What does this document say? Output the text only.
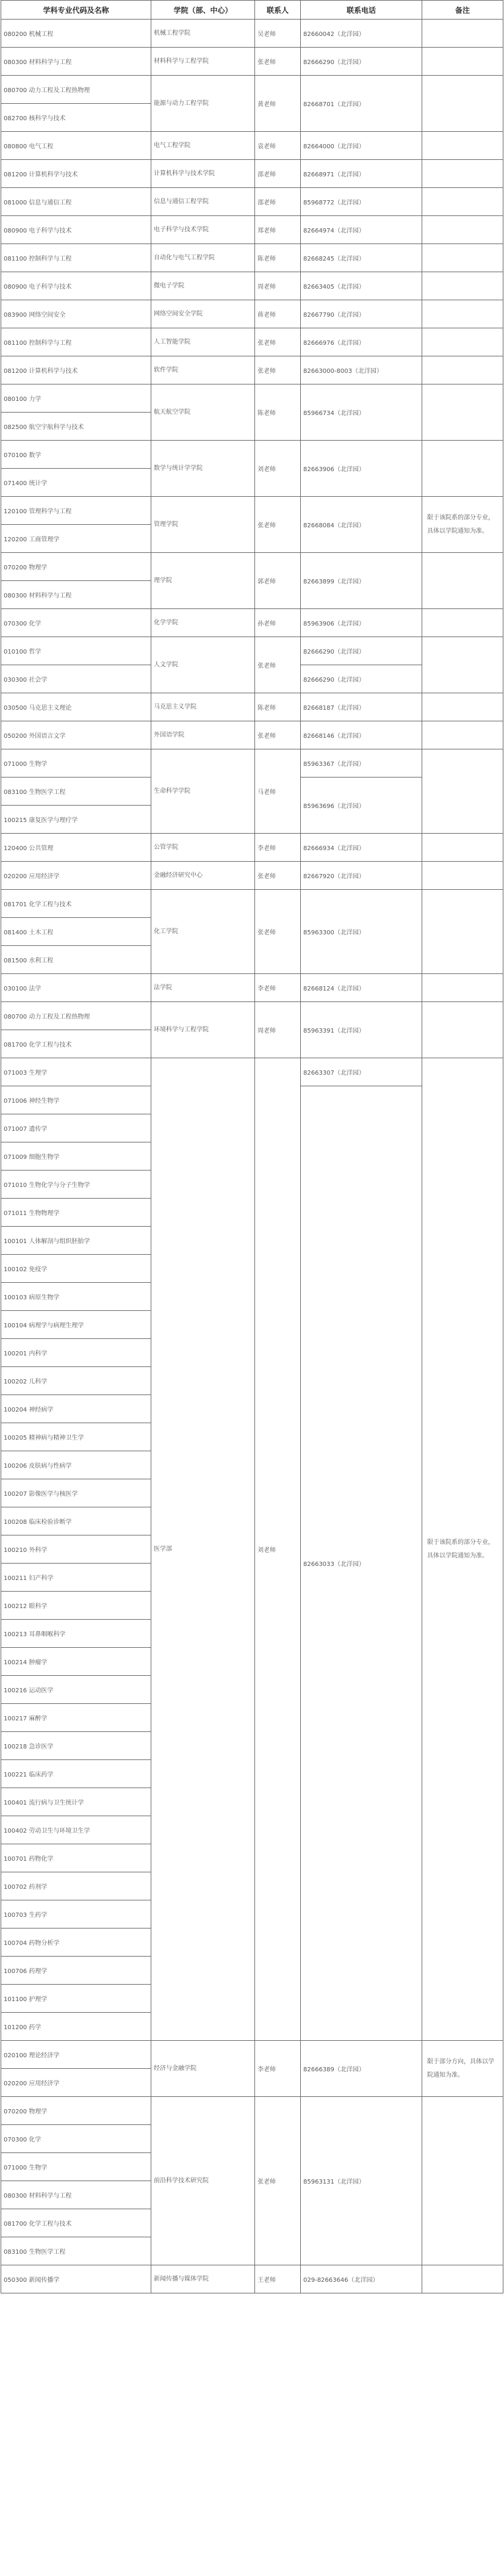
学科专业代码及名称	学院（部、中心）	联系人	联系电话	备注
080200 机械工程	机械工程学院	吴老师	82660042（北洋园）	
080300 材料科学与工程	材料科学与工程学院	张老师	82666290（北洋园）	
080700 动力工程及工程热物理	能源与动力工程学院	黄老师	82668701（北洋园）	
082700 核科学与技术				
080800 电气工程	电气工程学院	袁老师	82664000（北洋园）	
081200 计算机科学与技术	计算机科学与技术学院	邵老师	82668971（北洋园）	
081000 信息与通信工程	信息与通信工程学院	邵老师	85968772（北洋园）	
080900 电子科学与技术	电子科学与技术学院	郑老师	82664974（北洋园）	
081100 控制科学与工程	自动化与电气工程学院	陈老师	82668245（北洋园）	
080900 电子科学与技术	微电子学院	周老师	82663405（北洋园）	
083900 网络空间安全	网络空间安全学院	蒋老师	82667790（北洋园）	
081100 控制科学与工程	人工智能学院	张老师	82666976（北洋园）	
081200 计算机科学与技术	软件学院	张老师	82663000-8003（北洋园）	
080100 力学	航天航空学院	陈老师	85966734（北洋园）	
082500 航空宇航科学与技术				
070100 数学	数学与统计学学院	刘老师	82663906（北洋园）	
071400 统计学				
120100 管理科学与工程	管理学院	张老师	82668084（北洋园）	限于该院系的部分专业，具体以学院通知为准。
120200 工商管理学				
070200 物理学	理学院	郭老师	82663899（北洋园）	
080300 材料科学与工程				
070300 化学	化学学院	孙老师	85963906（北洋园）	
010100 哲学	人文学院	张老师	82666290（北洋园）	
030300 社会学			82666290（北洋园）	
030500 马克思主义理论	马克思主义学院	陈老师	82668187（北洋园）	
050200 外国语言文学	外国语学院	张老师	82668146（北洋园）	
071000 生物学	生命科学学院	马老师	85963367（北洋园）	
083100 生物医学工程			85963696（北洋园）	
100215 康复医学与理疗学				
120400 公共管理	公管学院	李老师	82666934（北洋园）	
020200 应用经济学	金融经济研究中心	张老师	82667920（北洋园）	
081701 化学工程与技术	化工学院	张老师	85963300（北洋园）	
081400 土木工程				
081500 水利工程				
030100 法学	法学院	李老师	82668124（北洋园）	
080700 动力工程及工程热物理	环境科学与工程学院	周老师	85963391（北洋园）	
081700 化学工程与技术				
071003 生理学	医学部	刘老师	82663307（北洋园）	限于该院系的部分专业，具体以学院通知为准。
071006 神经生物学			82663033（北洋园）	
071007 遗传学				
071009 细胞生物学				
071010 生物化学与分子生物学				
071011 生物物理学				
100101 人体解剖与组织胚胎学				
100102 免疫学				
100103 病原生物学				
100104 病理学与病理生理学				
100201 内科学				
100202 儿科学				
100204 神经病学				
100205 精神病与精神卫生学				
100206 皮肤病与性病学				
100207 影像医学与核医学				
100208 临床检验诊断学				
100210 外科学				
100211 妇产科学				
100212 眼科学				
100213 耳鼻咽喉科学				
100214 肿瘤学				
100216 运动医学				
100217 麻醉学				
100218 急诊医学				
100221 临床药学				
100401 流行病与卫生统计学				
100402 劳动卫生与环境卫生学				
100701 药物化学				
100702 药剂学				
100703 生药学				
100704 药物分析学				
100706 药理学				
101100 护理学				
101200 药学				
020100 理论经济学	经济与金融学院	李老师	82666389（北洋园）	限于部分方向，具体以学院通知为准。
020200 应用经济学				
070200 物理学	前沿科学技术研究院	张老师	85963131（北洋园）	
070300 化学				
071000 生物学				
080300 材料科学与工程				
081700 化学工程与技术				
083100 生物医学工程				
050300 新闻传播学	新闻传播与媒体学院	王老师	029-82663646（北洋园）	
